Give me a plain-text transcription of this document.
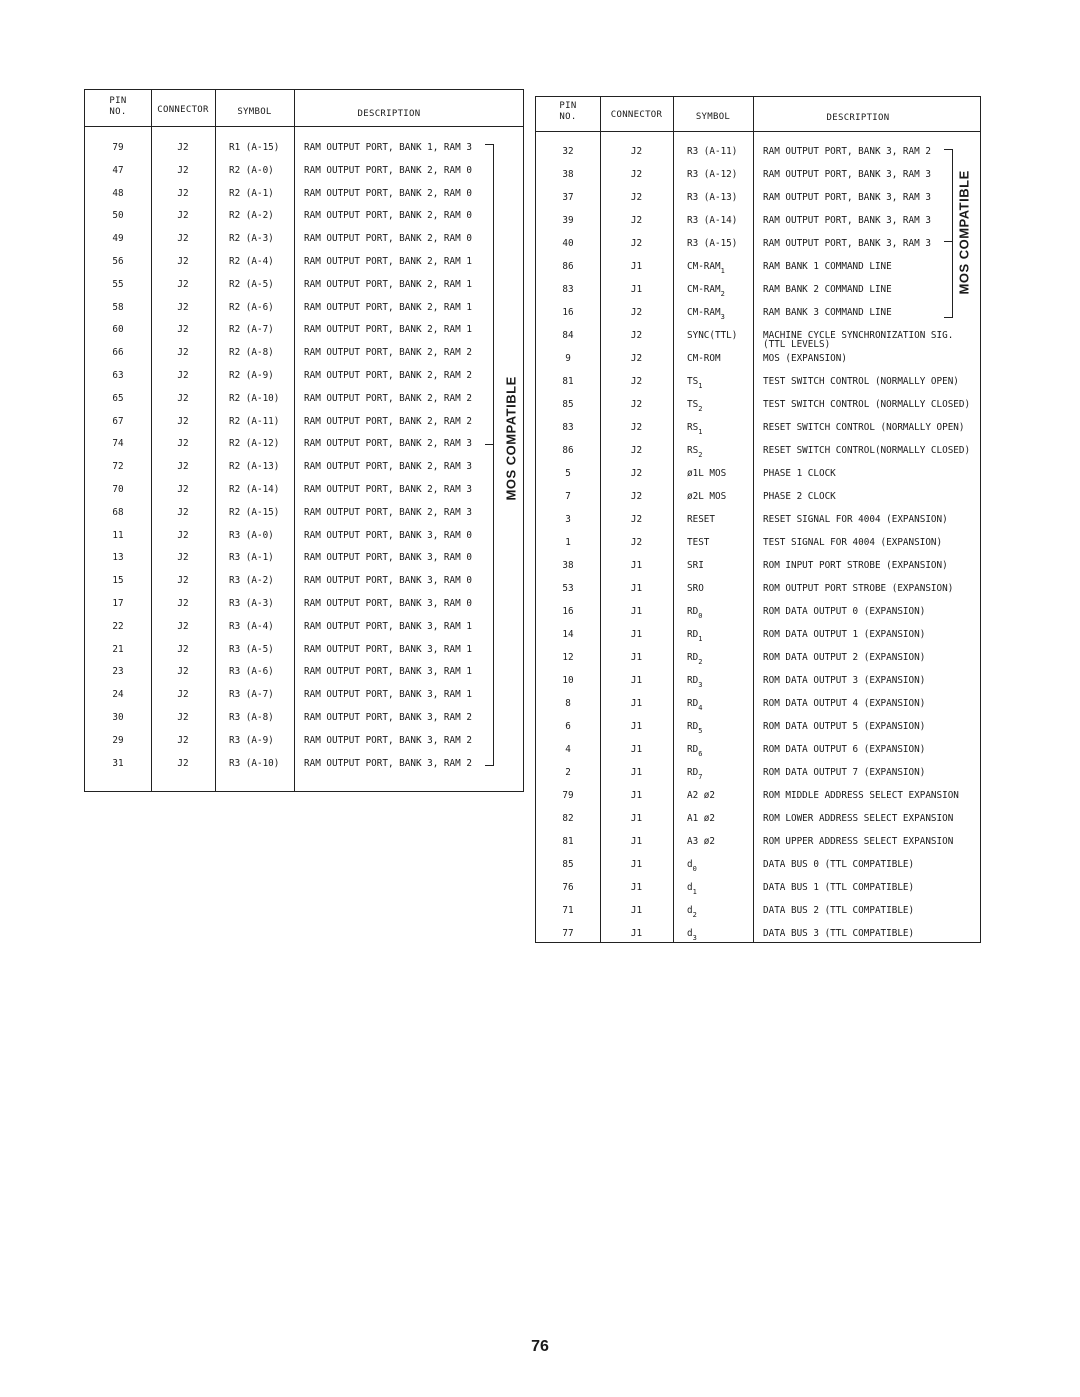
PIN
NO.	CONNECTOR	SYMBOL	DESCRIPTION
79	J2	R1 (A-15)	RAM OUTPUT PORT, BANK 1, RAM 3
47	J2	R2 (A-0)	RAM OUTPUT PORT, BANK 2, RAM 0
48	J2	R2 (A-1)	RAM OUTPUT PORT, BANK 2, RAM 0
50	J2	R2 (A-2)	RAM OUTPUT PORT, BANK 2, RAM 0
49	J2	R2 (A-3)	RAM OUTPUT PORT, BANK 2, RAM 0
56	J2	R2 (A-4)	RAM OUTPUT PORT, BANK 2, RAM 1
55	J2	R2 (A-5)	RAM OUTPUT PORT, BANK 2, RAM 1
58	J2	R2 (A-6)	RAM OUTPUT PORT, BANK 2, RAM 1
60	J2	R2 (A-7)	RAM OUTPUT PORT, BANK 2, RAM 1
66	J2	R2 (A-8)	RAM OUTPUT PORT, BANK 2, RAM 2
63	J2	R2 (A-9)	RAM OUTPUT PORT, BANK 2, RAM 2
65	J2	R2 (A-10)	RAM OUTPUT PORT, BANK 2, RAM 2
67	J2	R2 (A-11)	RAM OUTPUT PORT, BANK 2, RAM 2
74	J2	R2 (A-12)	RAM OUTPUT PORT, BANK 2, RAM 3
72	J2	R2 (A-13)	RAM OUTPUT PORT, BANK 2, RAM 3
70	J2	R2 (A-14)	RAM OUTPUT PORT, BANK 2, RAM 3
68	J2	R2 (A-15)	RAM OUTPUT PORT, BANK 2, RAM 3
11	J2	R3 (A-0)	RAM OUTPUT PORT, BANK 3, RAM 0
13	J2	R3 (A-1)	RAM OUTPUT PORT, BANK 3, RAM 0
15	J2	R3 (A-2)	RAM OUTPUT PORT, BANK 3, RAM 0
17	J2	R3 (A-3)	RAM OUTPUT PORT, BANK 3, RAM 0
22	J2	R3 (A-4)	RAM OUTPUT PORT, BANK 3, RAM 1
21	J2	R3 (A-5)	RAM OUTPUT PORT, BANK 3, RAM 1
23	J2	R3 (A-6)	RAM OUTPUT PORT, BANK 3, RAM 1
24	J2	R3 (A-7)	RAM OUTPUT PORT, BANK 3, RAM 1
30	J2	R3 (A-8)	RAM OUTPUT PORT, BANK 3, RAM 2
29	J2	R3 (A-9)	RAM OUTPUT PORT, BANK 3, RAM 2
31	J2	R3 (A-10)	RAM OUTPUT PORT, BANK 3, RAM 2
MOS COMPATIBLE
PIN
NO.	CONNECTOR	SYMBOL	DESCRIPTION
32	J2	R3 (A-11)	RAM OUTPUT PORT, BANK 3, RAM 2
38	J2	R3 (A-12)	RAM OUTPUT PORT, BANK 3, RAM 3
37	J2	R3 (A-13)	RAM OUTPUT PORT, BANK 3, RAM 3
39	J2	R3 (A-14)	RAM OUTPUT PORT, BANK 3, RAM 3
40	J2	R3 (A-15)	RAM OUTPUT PORT, BANK 3, RAM 3
86	J1	$CM-RAM_1$	RAM BANK 1 COMMAND LINE
83	J1	$CM-RAM_2$	RAM BANK 2 COMMAND LINE
16	J2	$CM-RAM_3$	RAM BANK 3 COMMAND LINE
84	J2	SYNC(TTL)	MACHINE CYCLE SYNCHRONIZATION SIG.
(TTL LEVELS)
9	J2	CM-ROM	MOS (EXPANSION)
81	J2	$TS_1$	TEST SWITCH CONTROL (NORMALLY OPEN)
85	J2	$TS_2$	TEST SWITCH CONTROL (NORMALLY CLOSED)
83	J2	$RS_1$	RESET SWITCH CONTROL (NORMALLY OPEN)
86	J2	$RS_2$	RESET SWITCH CONTROL(NORMALLY CLOSED)
5	J2	ø1L MOS	PHASE 1 CLOCK
7	J2	ø2L MOS	PHASE 2 CLOCK
3	J2	RESET	RESET SIGNAL FOR 4004 (EXPANSION)
1	J2	TEST	TEST SIGNAL FOR 4004 (EXPANSION)
38	J1	SRI	ROM INPUT PORT STROBE (EXPANSION)
53	J1	SRO	ROM OUTPUT PORT STROBE (EXPANSION)
16	J1	$RD_0$	ROM DATA OUTPUT 0 (EXPANSION)
14	J1	$RD_1$	ROM DATA OUTPUT 1 (EXPANSION)
12	J1	$RD_2$	ROM DATA OUTPUT 2 (EXPANSION)
10	J1	$RD_3$	ROM DATA OUTPUT 3 (EXPANSION)
8	J1	$RD_4$	ROM DATA OUTPUT 4 (EXPANSION)
6	J1	$RD_5$	ROM DATA OUTPUT 5 (EXPANSION)
4	J1	$RD_6$	ROM DATA OUTPUT 6 (EXPANSION)
2	J1	$RD_7$	ROM DATA OUTPUT 7 (EXPANSION)
79	J1	A2 ø2	ROM MIDDLE ADDRESS SELECT EXPANSION
82	J1	A1 ø2	ROM LOWER ADDRESS SELECT EXPANSION
81	J1	A3 ø2	ROM UPPER ADDRESS SELECT EXPANSION
85	J1	$d_0$	DATA BUS 0 (TTL COMPATIBLE)
76	J1	$d_1$	DATA BUS 1 (TTL COMPATIBLE)
71	J1	$d_2$	DATA BUS 2 (TTL COMPATIBLE)
77	J1	$d_3$	DATA BUS 3 (TTL COMPATIBLE)
MOS COMPATIBLE
76
